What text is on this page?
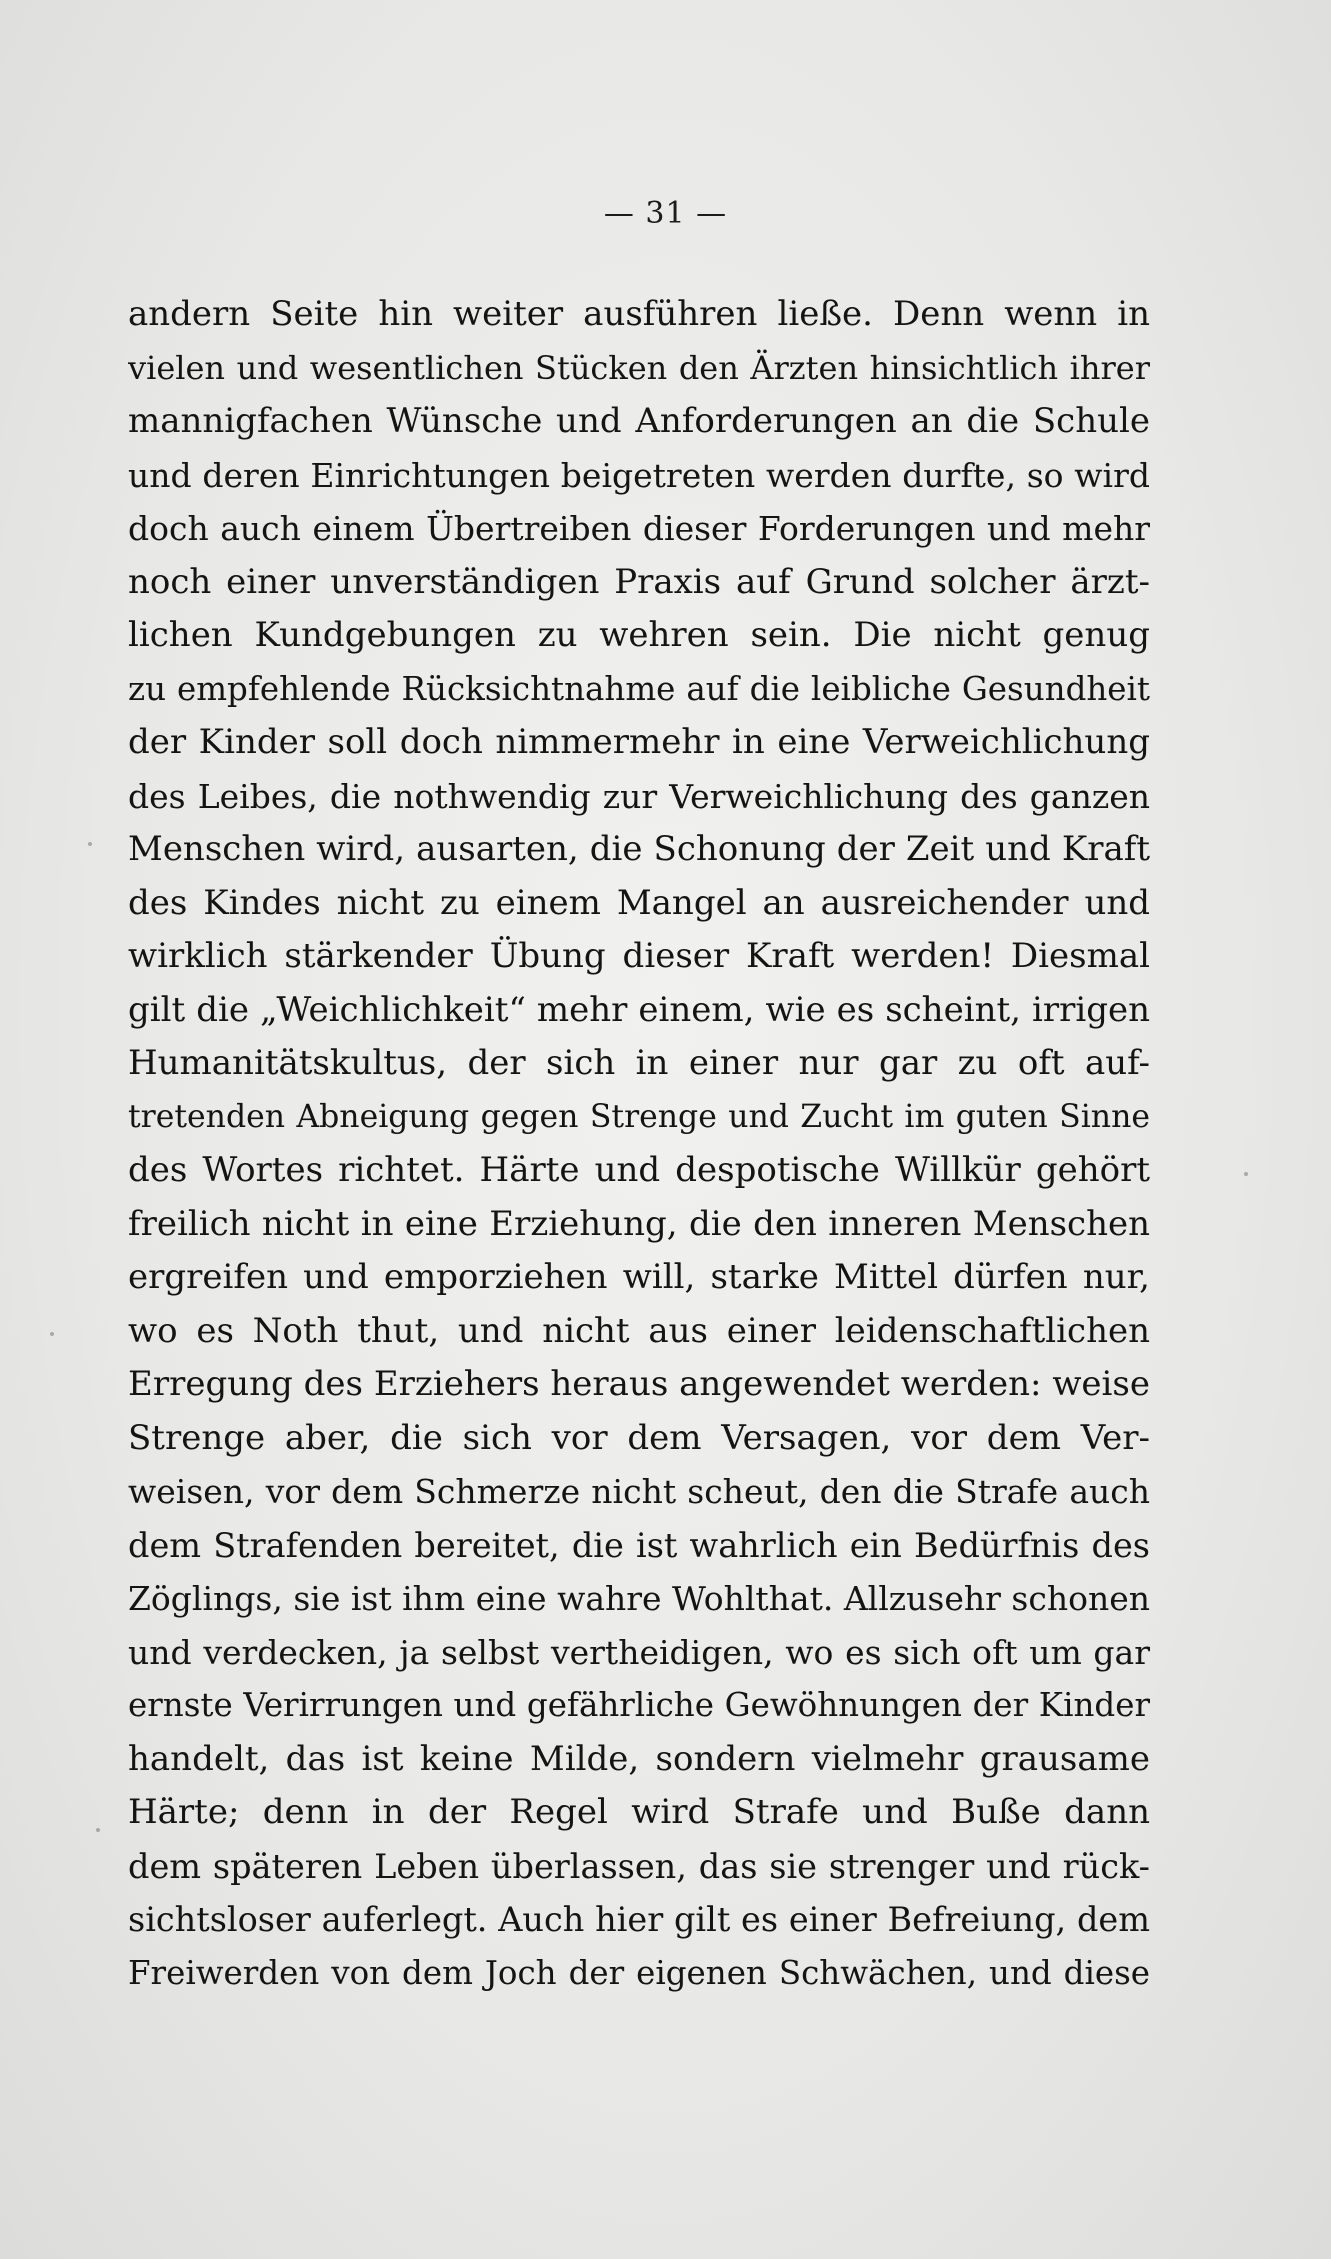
— 31 —
andern Seite hin weiter ausführen ließe. Denn wenn in
vielen und wesentlichen Stücken den Ärzten hinsichtlich ihrer
mannigfachen Wünsche und Anforderungen an die Schule
und deren Einrichtungen beigetreten werden durfte, so wird
doch auch einem Übertreiben dieser Forderungen und mehr
noch einer unverständigen Praxis auf Grund solcher ärzt-
lichen Kundgebungen zu wehren sein. Die nicht genug
zu empfehlende Rücksichtnahme auf die leibliche Gesundheit
der Kinder soll doch nimmermehr in eine Verweichlichung
des Leibes, die nothwendig zur Verweichlichung des ganzen
Menschen wird, ausarten, die Schonung der Zeit und Kraft
des Kindes nicht zu einem Mangel an ausreichender und
wirklich stärkender Übung dieser Kraft werden! Diesmal
gilt die „Weichlichkeit“ mehr einem, wie es scheint, irrigen
Humanitätskultus, der sich in einer nur gar zu oft auf-
tretenden Abneigung gegen Strenge und Zucht im guten Sinne
des Wortes richtet. Härte und despotische Willkür gehört
freilich nicht in eine Erziehung, die den inneren Menschen
ergreifen und emporziehen will, starke Mittel dürfen nur,
wo es Noth thut, und nicht aus einer leidenschaftlichen
Erregung des Erziehers heraus angewendet werden: weise
Strenge aber, die sich vor dem Versagen, vor dem Ver-
weisen, vor dem Schmerze nicht scheut, den die Strafe auch
dem Strafenden bereitet, die ist wahrlich ein Bedürfnis des
Zöglings, sie ist ihm eine wahre Wohlthat. Allzusehr schonen
und verdecken, ja selbst vertheidigen, wo es sich oft um gar
ernste Verirrungen und gefährliche Gewöhnungen der Kinder
handelt, das ist keine Milde, sondern vielmehr grausame
Härte; denn in der Regel wird Strafe und Buße dann
dem späteren Leben überlassen, das sie strenger und rück-
sichtsloser auferlegt. Auch hier gilt es einer Befreiung, dem
Freiwerden von dem Joch der eigenen Schwächen, und diese
